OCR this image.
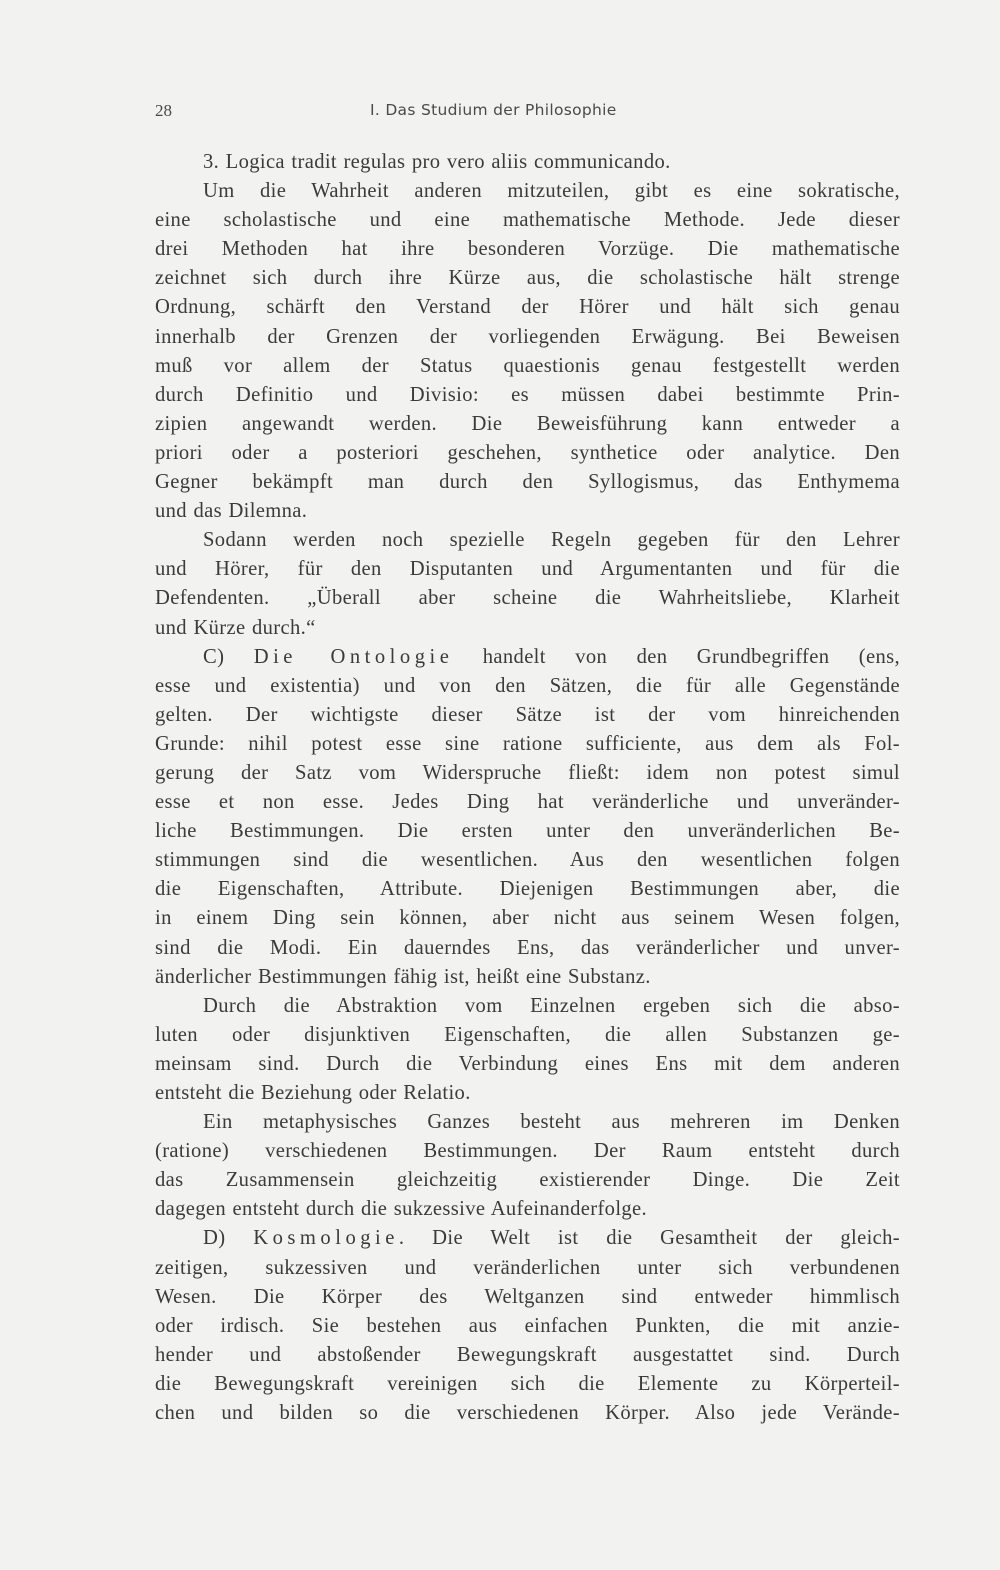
28	I. Das Studium der Philosophie
3. Logica tradit regulas pro vero aliis communicando.
Um die Wahrheit anderen mitzuteilen, gibt es eine sokratische,
eine scholastische und eine mathematische Methode. Jede dieser
drei Methoden hat ihre besonderen Vorzüge. Die mathematische
zeichnet sich durch ihre Kürze aus, die scholastische hält strenge
Ordnung, schärft den Verstand der Hörer und hält sich genau
innerhalb der Grenzen der vorliegenden Erwägung. Bei Beweisen
muß vor allem der Status quaestionis genau festgestellt werden
durch Definitio und Divisio: es müssen dabei bestimmte Prin-
zipien angewandt werden. Die Beweisführung kann entweder a
priori oder a posteriori geschehen, synthetice oder analytice. Den
Gegner bekämpft man durch den Syllogismus, das Enthymema
und das Dilemna.
Sodann werden noch spezielle Regeln gegeben für den Lehrer
und Hörer, für den Disputanten und Argumentanten und für die
Defendenten. „Überall aber scheine die Wahrheitsliebe, Klarheit
und Kürze durch.“
C) Die Ontologie handelt von den Grundbegriffen (ens,
esse und existentia) und von den Sätzen, die für alle Gegenstände
gelten. Der wichtigste dieser Sätze ist der vom hinreichenden
Grunde: nihil potest esse sine ratione sufficiente, aus dem als Fol-
gerung der Satz vom Widerspruche fließt: idem non potest simul
esse et non esse. Jedes Ding hat veränderliche und unveränder-
liche Bestimmungen. Die ersten unter den unveränderlichen Be-
stimmungen sind die wesentlichen. Aus den wesentlichen folgen
die Eigenschaften, Attribute. Diejenigen Bestimmungen aber, die
in einem Ding sein können, aber nicht aus seinem Wesen folgen,
sind die Modi. Ein dauerndes Ens, das veränderlicher und unver-
änderlicher Bestimmungen fähig ist, heißt eine Substanz.
Durch die Abstraktion vom Einzelnen ergeben sich die abso-
luten oder disjunktiven Eigenschaften, die allen Substanzen ge-
meinsam sind. Durch die Verbindung eines Ens mit dem anderen
entsteht die Beziehung oder Relatio.
Ein metaphysisches Ganzes besteht aus mehreren im Denken
(ratione) verschiedenen Bestimmungen. Der Raum entsteht durch
das Zusammensein gleichzeitig existierender Dinge. Die Zeit
dagegen entsteht durch die sukzessive Aufeinanderfolge.
D) Kosmologie. Die Welt ist die Gesamtheit der gleich-
zeitigen, sukzessiven und veränderlichen unter sich verbundenen
Wesen. Die Körper des Weltganzen sind entweder himmlisch
oder irdisch. Sie bestehen aus einfachen Punkten, die mit anzie-
hender und abstoßender Bewegungskraft ausgestattet sind. Durch
die Bewegungskraft vereinigen sich die Elemente zu Körperteil-
chen und bilden so die verschiedenen Körper. Also jede Verände-
